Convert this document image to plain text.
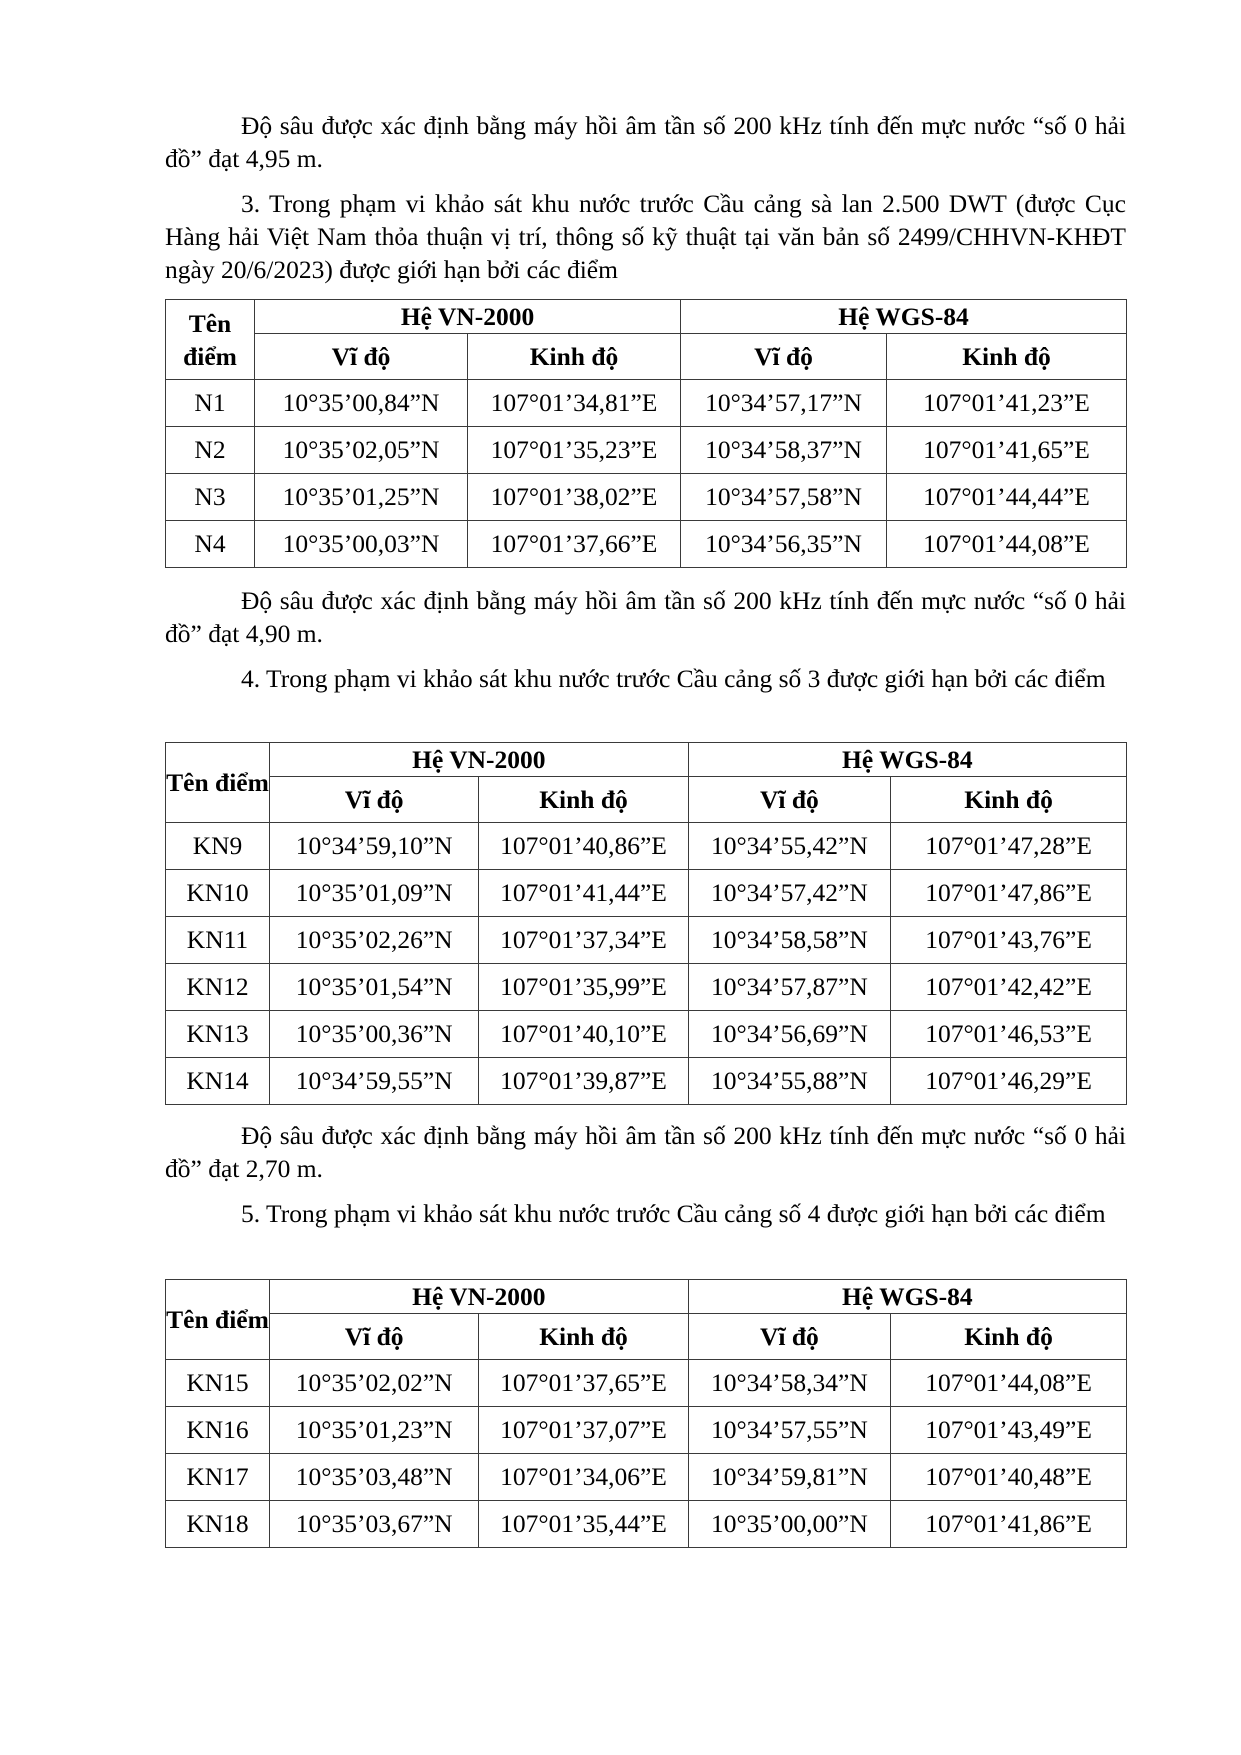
Độ sâu được xác định bằng máy hồi âm tần số 200 kHz tính đến mực nước “số 0 hải đồ” đạt 4,95 m.

3. Trong phạm vi khảo sát khu nước trước Cầu cảng sà lan 2.500 DWT (được Cục Hàng hải Việt Nam thỏa thuận vị trí, thông số kỹ thuật tại văn bản số 2499/CHHVN-KHĐT ngày 20/6/2023) được giới hạn bởi các điểm

Tên điểm	Hệ VN-2000		Hệ WGS-84	
	Vĩ độ	Kinh độ	Vĩ độ	Kinh độ
N1	10°35’00,84”N	107°01’34,81”E	10°34’57,17”N	107°01’41,23”E
N2	10°35’02,05”N	107°01’35,23”E	10°34’58,37”N	107°01’41,65”E
N3	10°35’01,25”N	107°01’38,02”E	10°34’57,58”N	107°01’44,44”E
N4	10°35’00,03”N	107°01’37,66”E	10°34’56,35”N	107°01’44,08”E

Độ sâu được xác định bằng máy hồi âm tần số 200 kHz tính đến mực nước “số 0 hải đồ” đạt 4,90 m.

4. Trong phạm vi khảo sát khu nước trước Cầu cảng số 3 được giới hạn bởi các điểm

Tên điểm	Hệ VN-2000		Hệ WGS-84	
	Vĩ độ	Kinh độ	Vĩ độ	Kinh độ
KN9	10°34’59,10”N	107°01’40,86”E	10°34’55,42”N	107°01’47,28”E
KN10	10°35’01,09”N	107°01’41,44”E	10°34’57,42”N	107°01’47,86”E
KN11	10°35’02,26”N	107°01’37,34”E	10°34’58,58”N	107°01’43,76”E
KN12	10°35’01,54”N	107°01’35,99”E	10°34’57,87”N	107°01’42,42”E
KN13	10°35’00,36”N	107°01’40,10”E	10°34’56,69”N	107°01’46,53”E
KN14	10°34’59,55”N	107°01’39,87”E	10°34’55,88”N	107°01’46,29”E

Độ sâu được xác định bằng máy hồi âm tần số 200 kHz tính đến mực nước “số 0 hải đồ” đạt 2,70 m.

5. Trong phạm vi khảo sát khu nước trước Cầu cảng số 4 được giới hạn bởi các điểm

Tên điểm	Hệ VN-2000		Hệ WGS-84	
	Vĩ độ	Kinh độ	Vĩ độ	Kinh độ
KN15	10°35’02,02”N	107°01’37,65”E	10°34’58,34”N	107°01’44,08”E
KN16	10°35’01,23”N	107°01’37,07”E	10°34’57,55”N	107°01’43,49”E
KN17	10°35’03,48”N	107°01’34,06”E	10°34’59,81”N	107°01’40,48”E
KN18	10°35’03,67”N	107°01’35,44”E	10°35’00,00”N	107°01’41,86”E
